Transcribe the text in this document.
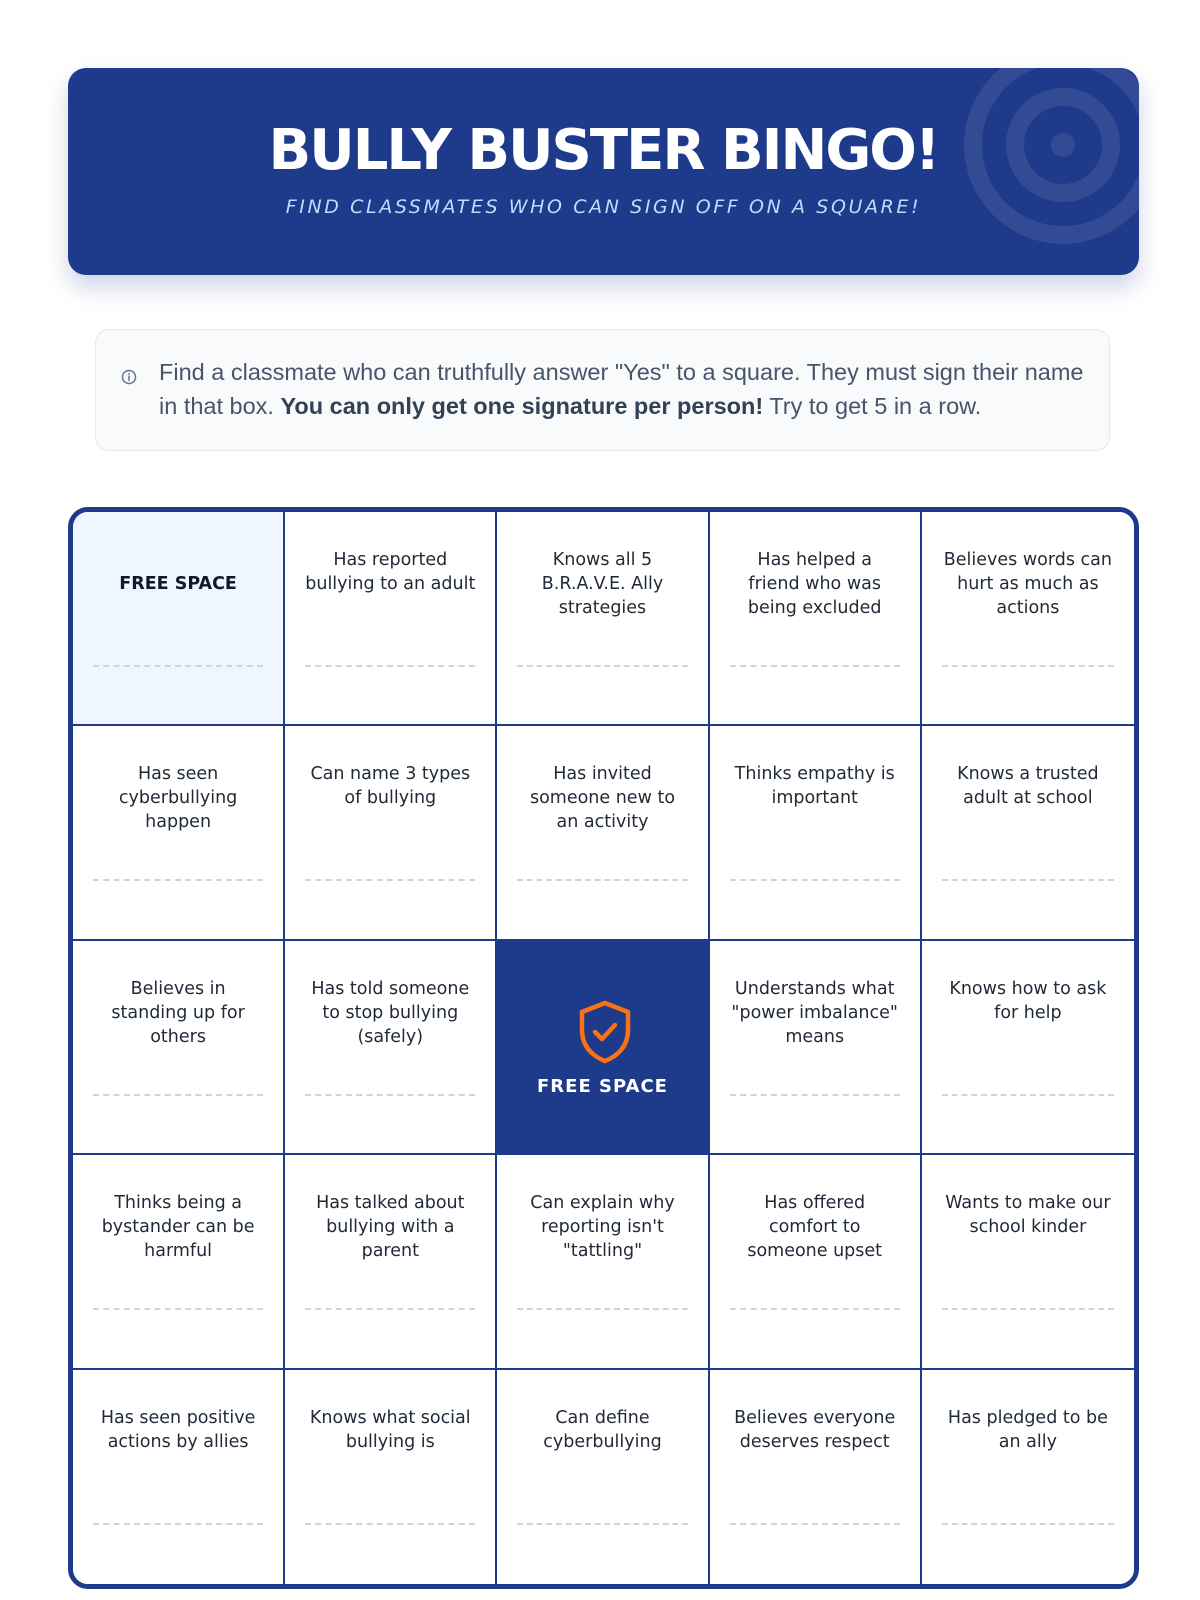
BULLY BUSTER BINGO!
FIND CLASSMATES WHO CAN SIGN OFF ON A SQUARE!

Find a classmate who can truthfully answer "Yes" to a square. They must sign their name in that box. You can only get one signature per person! Try to get 5 in a row.

FREE SPACE
Has reported bullying to an adult
Knows all 5 B.R.A.V.E. Ally strategies
Has helped a friend who was being excluded
Believes words can hurt as much as actions
Has seen cyberbullying happen
Can name 3 types of bullying
Has invited someone new to an activity
Thinks empathy is important
Knows a trusted adult at school
Believes in standing up for others
Has told someone to stop bullying (safely)
FREE SPACE
Understands what "power imbalance" means
Knows how to ask for help
Thinks being a bystander can be harmful
Has talked about bullying with a parent
Can explain why reporting isn't "tattling"
Has offered comfort to someone upset
Wants to make our school kinder
Has seen positive actions by allies
Knows what social bullying is
Can define cyberbullying
Believes everyone deserves respect
Has pledged to be an ally
